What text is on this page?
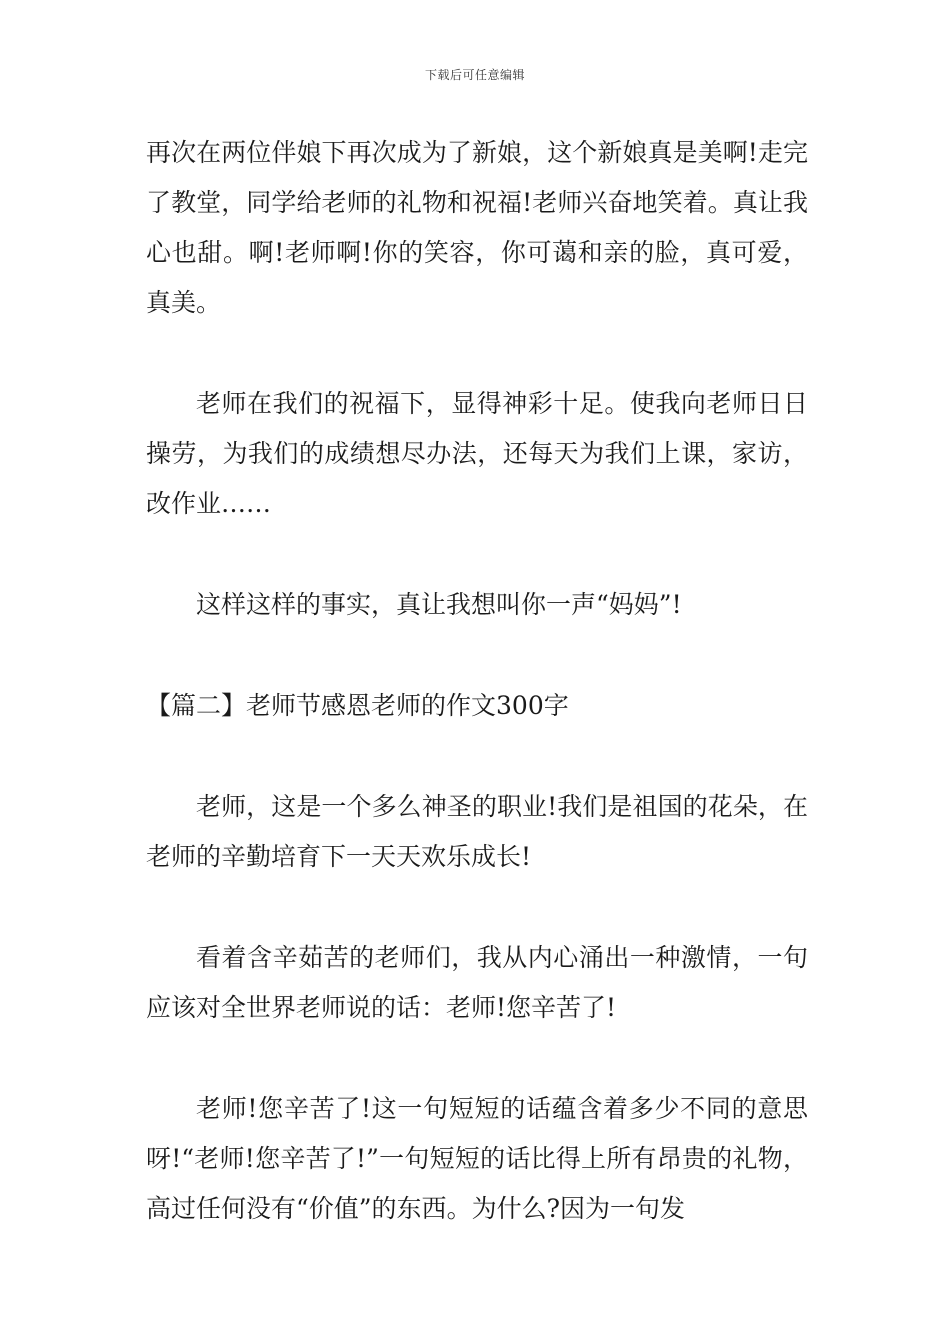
下载后可任意编辑

再次在两位伴娘下再次成为了新娘，这个新娘真是美啊!走完了教堂，同学给老师的礼物和祝福!老师兴奋地笑着。真让我心也甜。啊!老师啊!你的笑容，你可蔼和亲的脸，真可爱，真美。

老师在我们的祝福下，显得神彩十足。使我向老师日日操劳，为我们的成绩想尽办法，还每天为我们上课，家访，改作业……

这样这样的事实，真让我想叫你一声“妈妈”!

【篇二】老师节感恩老师的作文300字

老师，这是一个多么神圣的职业!我们是祖国的花朵，在老师的辛勤培育下一天天欢乐成长!

看着含辛茹苦的老师们，我从内心涌出一种激情，一句应该对全世界老师说的话：老师!您辛苦了!

老师!您辛苦了!这一句短短的话蕴含着多少不同的意思呀!“老师!您辛苦了!”一句短短的话比得上所有昂贵的礼物，高过任何没有“价值”的东西。为什么?因为一句发
